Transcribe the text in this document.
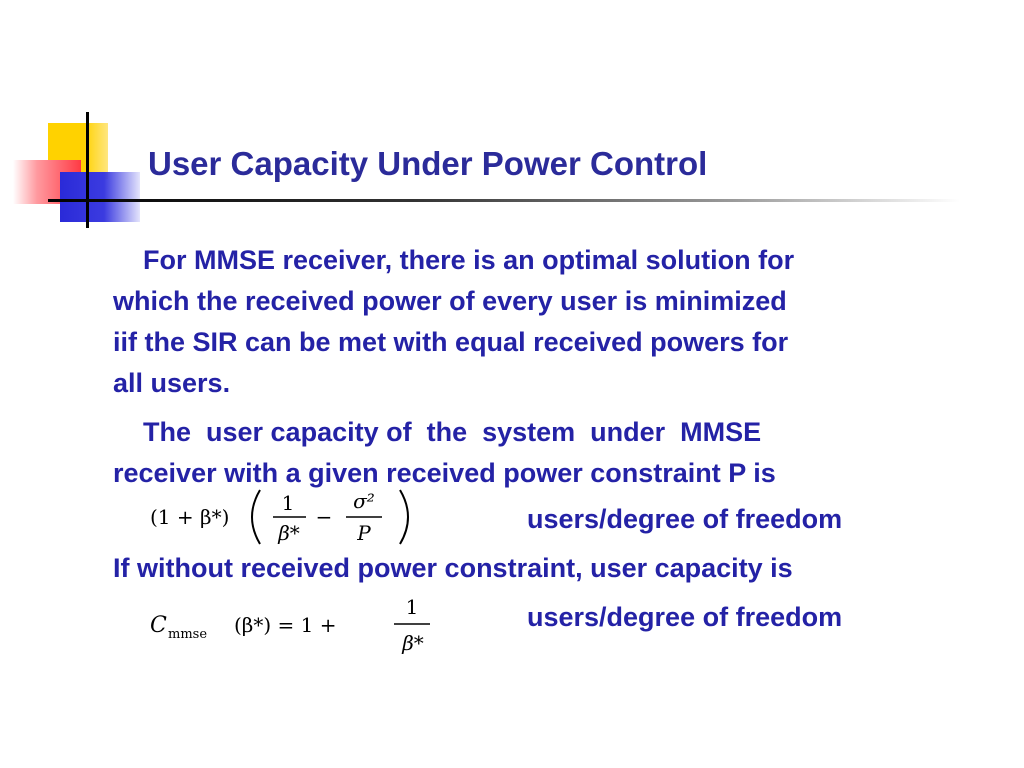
User Capacity Under Power Control
For MMSE receiver, there is an optimal solution for
which the received power of every user is minimized
iif the SIR can be met with equal received powers for
all users.
The  user capacity of  the  system  under  MMSE
receiver with a given received power constraint P is
(1 + β*)
1
β*
−
σ²
P	users/degree of freedom
If without received power constraint, user capacity is
C mmse (β*) = 1 +
1
β*
users/degree of freedom
